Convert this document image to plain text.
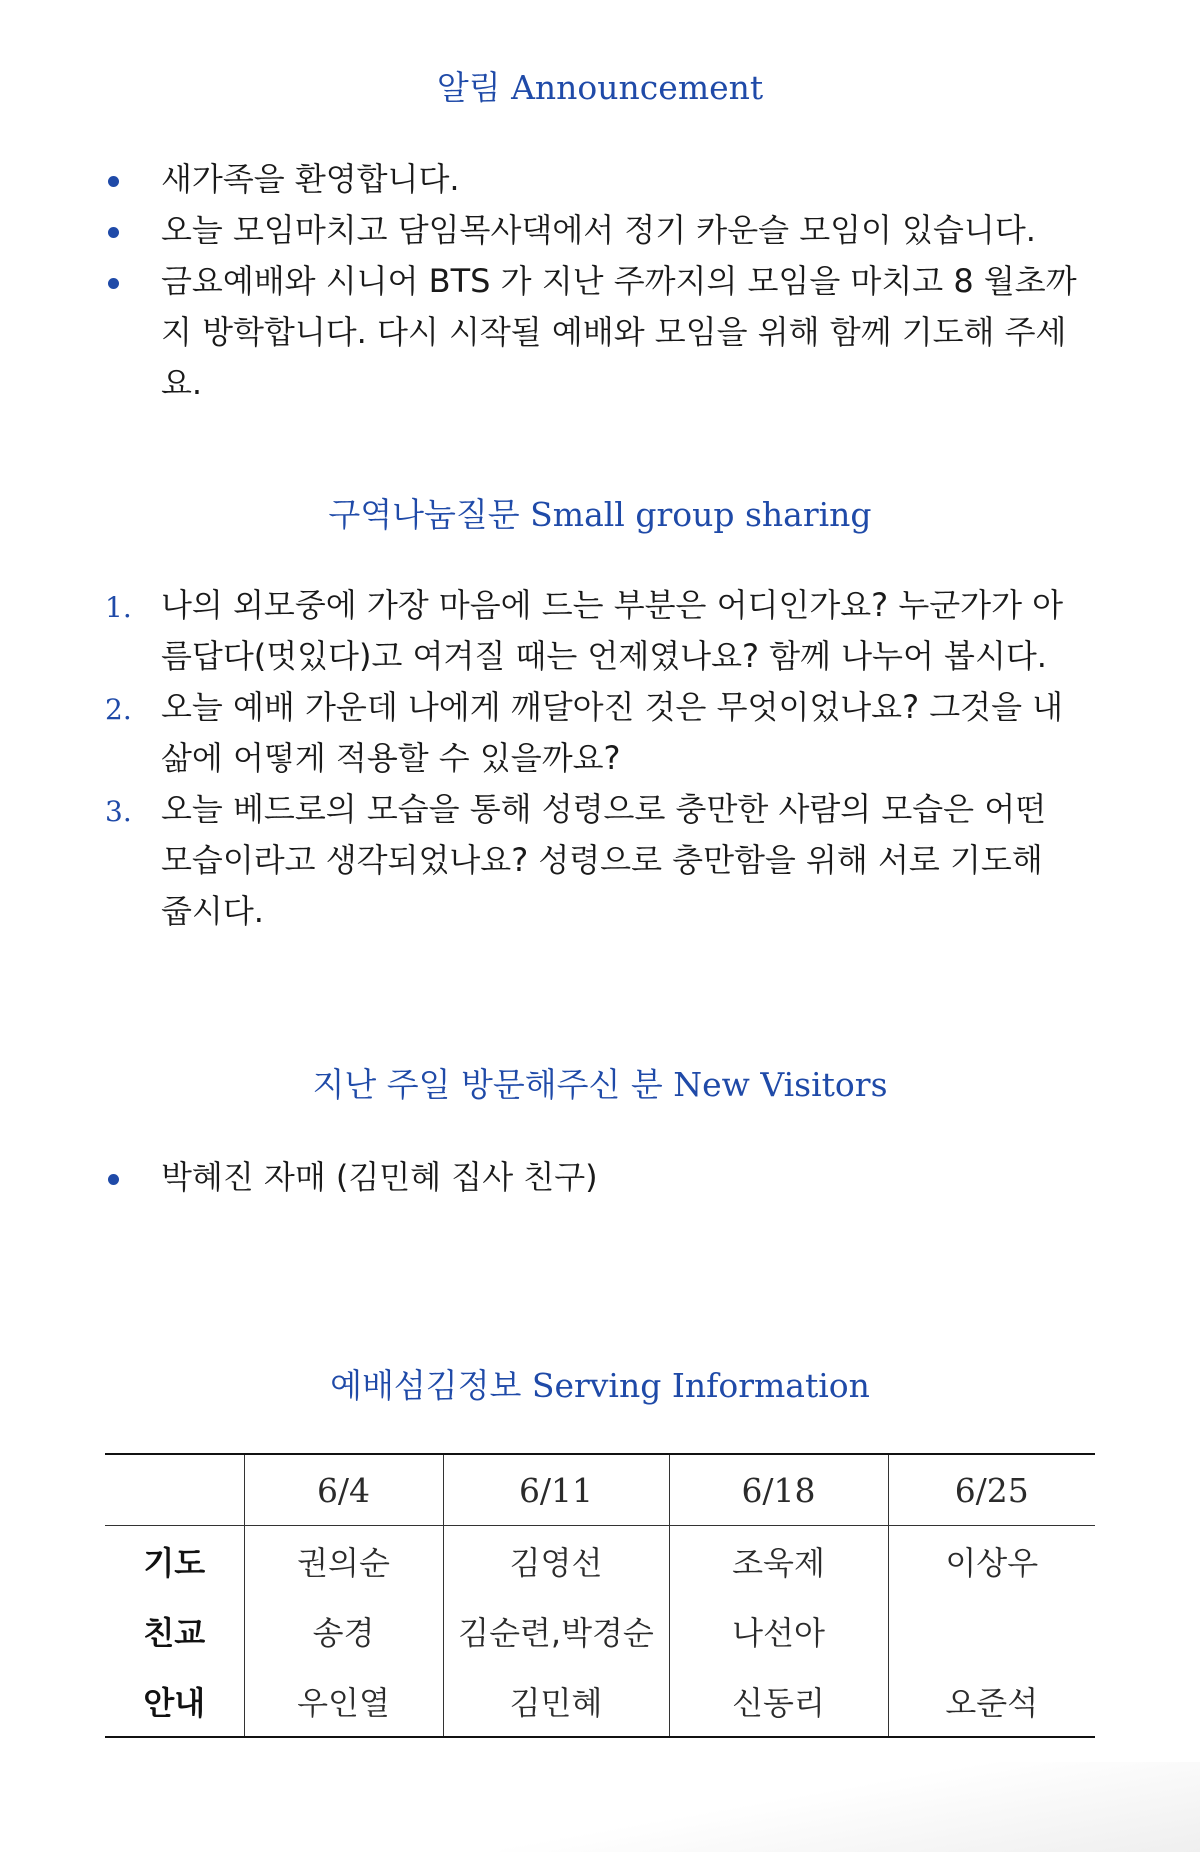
알림 Announcement
새가족을 환영합니다.
오늘 모임마치고 담임목사댁에서 정기 카운슬 모임이 있습니다.
금요예배와 시니어 BTS 가 지난 주까지의 모임을 마치고 8 월초까지 방학합니다. 다시 시작될 예배와 모임을 위해 함께 기도해 주세요.
구역나눔질문 Small group sharing
1. 나의 외모중에 가장 마음에 드는 부분은 어디인가요? 누군가가 아름답다(멋있다)고 여겨질 때는 언제였나요? 함께 나누어 봅시다.
2. 오늘 예배 가운데 나에게 깨달아진 것은 무엇이었나요? 그것을 내 삶에 어떻게 적용할 수 있을까요?
3. 오늘 베드로의 모습을 통해 성령으로 충만한 사람의 모습은 어떤 모습이라고 생각되었나요? 성령으로 충만함을 위해 서로 기도해 줍시다.
지난 주일 방문해주신 분 New Visitors
박혜진 자매 (김민혜 집사 친구)
예배섬김정보 Serving Information
	6/4	6/11	6/18	6/25
기도	권의순	김영선	조욱제	이상우
친교	송경	김순련,박경순	나선아	
안내	우인열	김민혜	신동리	오준석
